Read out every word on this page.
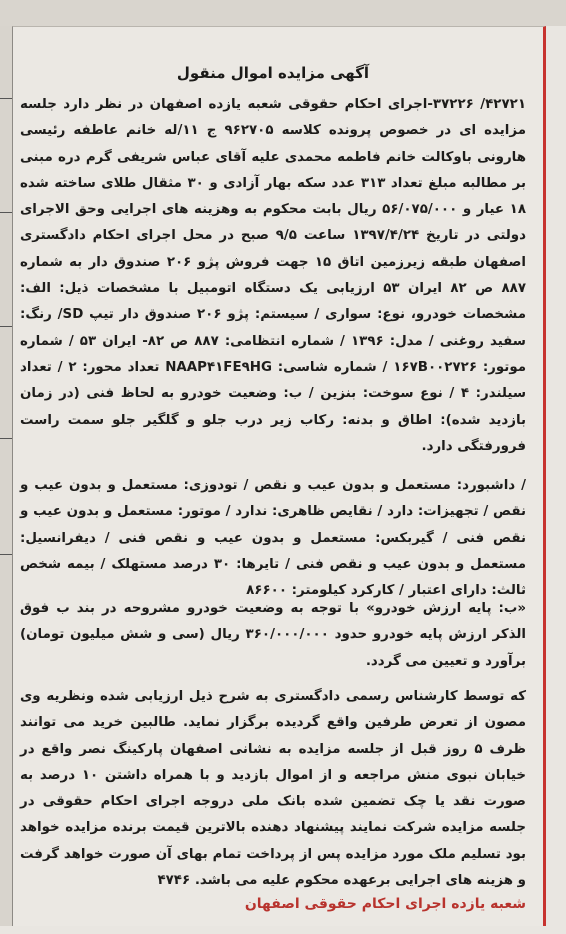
آگهی مزایده اموال منقول

۴۲۷۲۱/ ۳۷۲۲۶-اجرای احکام حقوقی شعبه یازده اصفهان در نظر دارد جلسه مزایده ای در خصوص پرونده کلاسه ۹۶۲۷۰۵ ج ۱۱/له خانم عاطفه رئیسی هارونی باوکالت خانم فاطمه محمدی علیه آقای عباس شریفی گرم دره مبنی بر مطالبه مبلغ تعداد ۳۱۳ عدد سکه بهار آزادی و ۳۰ مثقال طلای ساخته شده ۱۸ عیار و ۵۶/۰۷۵/۰۰۰ ریال بابت محکوم به وهزینه های اجرایی وحق الاجرای دولتی در تاریخ ۱۳۹۷/۴/۲۴ ساعت ۹/۵ صبح در محل اجرای احکام دادگستری اصفهان طبقه زیرزمین اتاق ۱۵ جهت فروش پژو ۲۰۶ صندوق دار به شماره ۸۸۷ ص ۸۲ ایران ۵۳ ارزیابی یک دستگاه اتومبیل با مشخصات ذیل: الف: مشخصات خودرو، نوع: سواری / سیستم: پژو ۲۰۶ صندوق دار تیپ SD/ رنگ: سفید روغنی / مدل: ۱۳۹۶ / شماره انتظامی: ۸۸۷ ص ۸۲- ایران ۵۳ / شماره موتور: ۱۶۷B۰۰۲۷۲۶ / شماره شاسی: NAAP۴۱FE۹HG تعداد محور: ۲ / تعداد سیلندر: ۴ / نوع سوخت: بنزین / ب: وضعیت خودرو به لحاظ فنی (در زمان بازدید شده): اطاق و بدنه: رکاب زیر درب جلو و گلگیر جلو سمت راست فرورفتگی دارد.

/ داشبورد: مستعمل و بدون عیب و نقص / تودوزی: مستعمل و بدون عیب و نقص / تجهیزات: دارد / نقایص ظاهری: ندارد / موتور: مستعمل و بدون عیب و نقص فنی / گیربکس: مستعمل و بدون عیب و نقص فنی / دیفرانسیل: مستعمل و بدون عیب و نقص فنی / تایرها: ۳۰ درصد مستهلک / بیمه شخص ثالث: دارای اعتبار / کارکرد کیلومتر: ۸۶۶۰۰

«ب: پایه ارزش خودرو» با توجه به وضعیت خودرو مشروحه در بند ب فوق الذکر ارزش پایه خودرو حدود ۳۶۰/۰۰۰/۰۰۰ ریال (سی و شش میلیون تومان) برآورد و تعیین می گردد.

که توسط کارشناس رسمی دادگستری به شرح ذیل ارزیابی شده ونظریه وی مصون از تعرض طرفین واقع گردیده برگزار نماید. طالبین خرید می توانند ظرف ۵ روز قبل از جلسه مزایده به نشانی اصفهان پارکینگ نصر واقع در خیابان نبوی منش مراجعه و از اموال بازدید و با همراه داشتن ۱۰ درصد به صورت نقد یا چک تضمین شده بانک ملی دروجه اجرای احکام حقوقی در جلسه مزایده شرکت نمایند پیشنهاد دهنده بالاترین قیمت برنده مزایده خواهد بود تسلیم ملک مورد مزایده پس از پرداخت تمام بهای آن صورت خواهد گرفت و هزینه های اجرایی برعهده محکوم علیه می باشد. ۴۷۴۶

شعبه یازده اجرای احکام حقوقی اصفهان
